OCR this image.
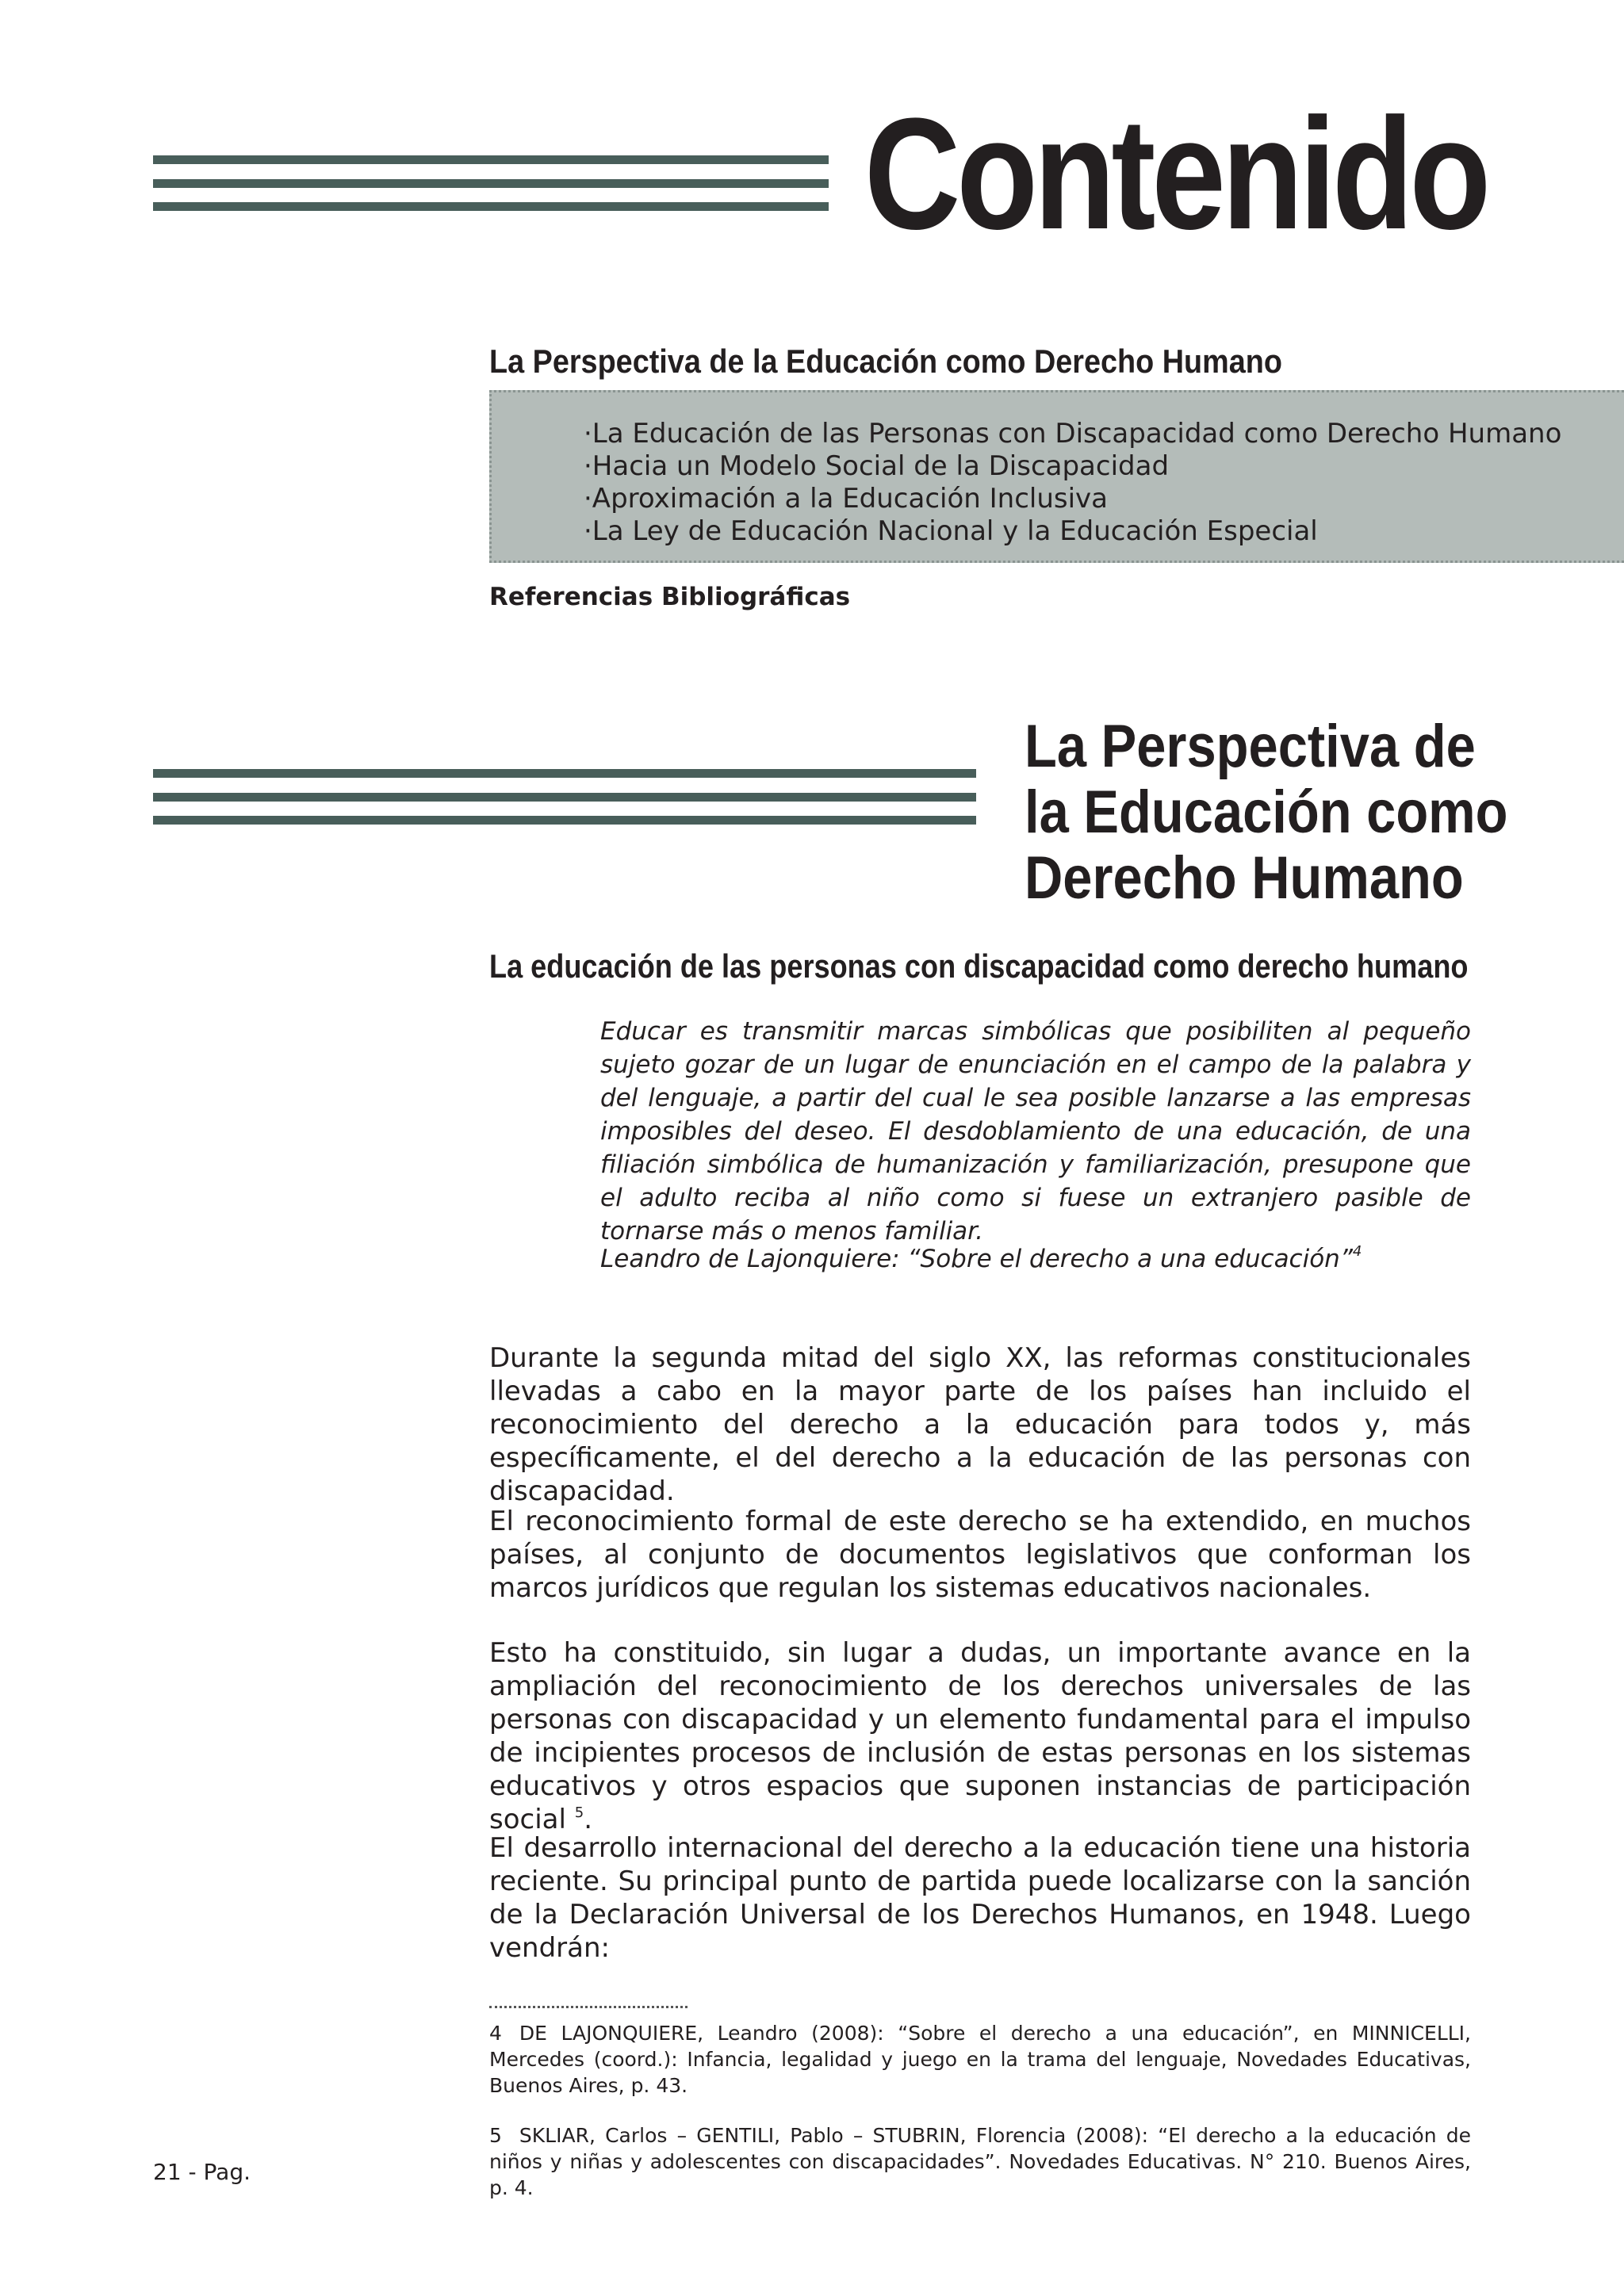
Contenido
La Perspectiva de la Educación como Derecho Humano
·La Educación de las Personas con Discapacidad como Derecho Humano
·Hacia un Modelo Social de la Discapacidad
·Aproximación a la Educación Inclusiva
·La Ley de Educación Nacional y la Educación Especial
Referencias Bibliográficas
La Perspectiva de
la Educación como
Derecho Humano
La educación de las personas con discapacidad como derecho humano

Educar es transmitir marcas simbólicas que posibiliten al pequeño sujeto gozar de un lugar de enunciación en el campo de la palabra y del lenguaje, a partir del cual le sea posible lanzarse a las empresas imposibles del deseo. El desdoblamiento de una educación, de una filiación simbólica de humanización y familiarización, presupone que el adulto reciba al niño como si fuese un extranjero pasible de tornarse más o menos familiar.

Leandro de Lajonquiere: “Sobre el derecho a una educación”$^4$

Durante la segunda mitad del siglo XX, las reformas constitucionales llevadas a cabo en la mayor parte de los países han incluido el reconocimiento del derecho a la educación para todos y, más específicamente, el del derecho a la educación de las personas con discapacidad.

El reconocimiento formal de este derecho se ha extendido, en muchos países, al conjunto de documentos legislativos que conforman los marcos jurídicos que regulan los sistemas educativos nacionales.

Esto ha constituido, sin lugar a dudas, un importante avance en la ampliación del reconocimiento de los derechos universales de las personas con discapacidad y un elemento fundamental para el impulso de incipientes procesos de inclusión de estas personas en los sistemas educativos y otros espacios que suponen instancias de participación social $^5$.

El desarrollo internacional del derecho a la educación tiene una historia reciente. Su principal punto de partida puede localizarse con la sanción de la Declaración Universal de los Derechos Humanos, en 1948. Luego vendrán:

4 DE LAJONQUIERE, Leandro (2008): “Sobre el derecho a una educación”, en MINNICELLI, Mercedes (coord.): Infancia, legalidad y juego en la trama del lenguaje, Novedades Educativas, Buenos Aires, p. 43.

5 SKLIAR, Carlos – GENTILI, Pablo – STUBRIN, Florencia (2008): “El derecho a la educación de niños y niñas y adolescentes con discapacidades”. Novedades Educativas. N° 210. Buenos Aires, p. 4.

21 - Pag.
